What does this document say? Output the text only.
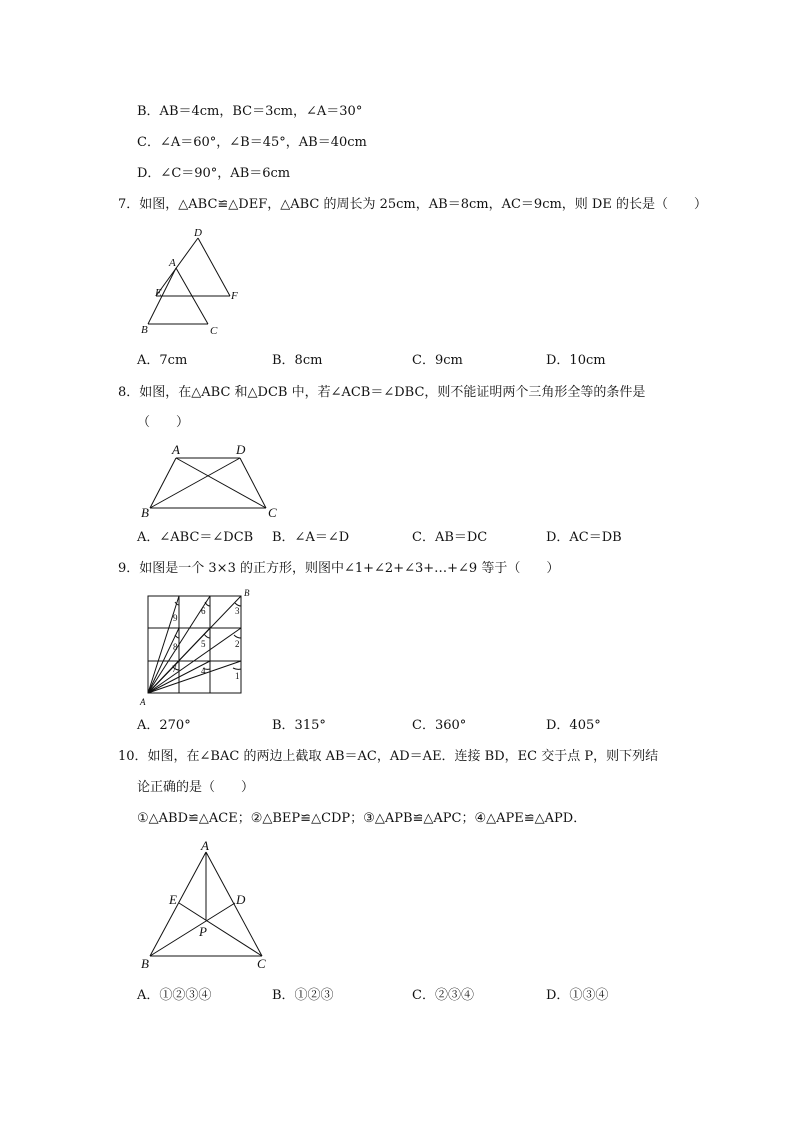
B．AB＝4cm，BC＝3cm，∠A＝30°
C．∠A＝60°，∠B＝45°，AB＝40cm
D．∠C＝90°，AB＝6cm
7．如图，△ABC≌△DEF，△ABC 的周长为 25cm，AB＝8cm，AC＝9cm，则 DE 的长是（　　）
D
A
E	F
B	C
A．7cm	B．8cm	C．9cm	D．10cm
8．如图，在△ABC 和△DCB 中，若∠ACB＝∠DBC，则不能证明两个三角形全等的条件是
（　　）
A	D
B	C
A．∠ABC＝∠DCB B．∠A＝∠D	C．AB＝DC	D．AC＝DB
9．如图是一个 3×3 的正方形，则图中∠1+∠2+∠3+…+∠9 等于（　　）
1
2
3
4
5
6
7
8
9
A
B
A．270°	B．315°	C．360°	D．405°
10．如图，在∠BAC 的两边上截取 AB＝AC，AD＝AE．连接 BD，EC 交于点 P，则下列结
论正确的是（　　）
①△ABD≌△ACE；②△BEP≌△CDP；③△APB≌△APC；④△APE≌△APD．
A
E	D
P
B	C
A．①②③④	B．①②③	C．②③④	D．①③④
